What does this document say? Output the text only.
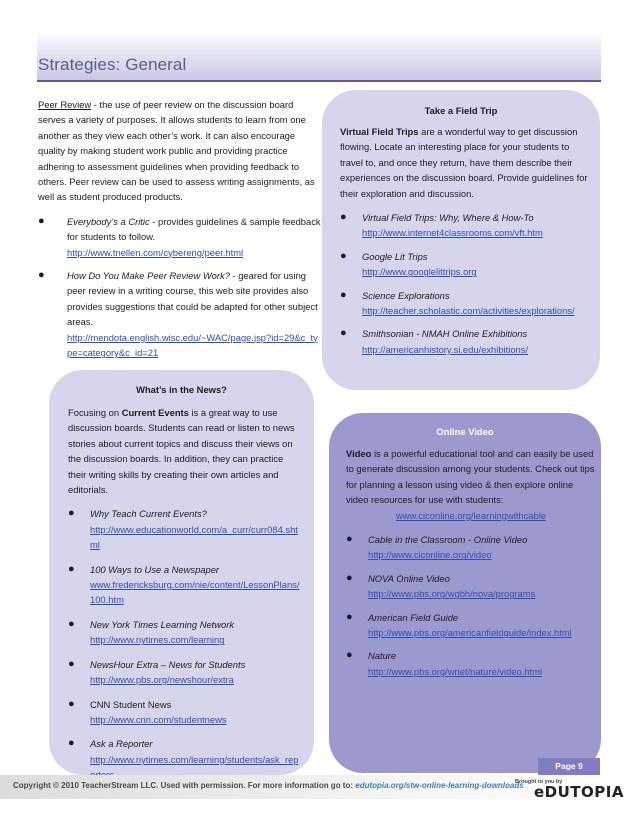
Strategies: General

Peer Review - the use of peer review on the discussion board serves a variety of purposes. It allows students to learn from one another as they view each other’s work. It can also encourage quality by making student work public and providing practice adhering to assessment guidelines when providing feedback to others. Peer review can be used to assess writing assignments, as well as student produced products.

● Everybody’s a Critic - provides guidelines & sample feedback for students to follow.
http://www.tnellen.com/cybereng/peer.html
● How Do You Make Peer Review Work? - geared for using peer review in a writing course, this web site provides also provides suggestions that could be adapted for other subject areas.
http://mendota.english.wisc.edu/~WAC/page.jsp?id=29&c_type=category&c_id=21
Take a Field Trip

Virtual Field Trips are a wonderful way to get discussion flowing. Locate an interesting place for your students to travel to, and once they return, have them describe their experiences on the discussion board. Provide guidelines for their exploration and discussion.

● Virtual Field Trips: Why, Where & How-To
http://www.internet4classrooms.com/vft.htm
● Google Lit Trips
http://www.googlelittrips.org
● Science Explorations
http://teacher.scholastic.com/activities/explorations/
● Smithsonian - NMAH Online Exhibitions
http://americanhistory.si.edu/exhibitions/
What’s in the News?

Focusing on Current Events is a great way to use discussion boards. Students can read or listen to news stories about current topics and discuss their views on the discussion boards. In addition, they can practice their writing skills by creating their own articles and editorials.

● Why Teach Current Events?
http://www.educationworld.com/a_curr/curr084.shtml
● 100 Ways to Use a Newspaper
www.fredericksburg.com/nie/content/LessonPlans/100.htm
● New York Times Learning Network
http://www.nytimes.com/learning
● NewsHour Extra – News for Students
http://www.pbs.org/newshour/extra
● CNN Student News
http://www.cnn.com/studentnews
● Ask a Reporter
http://www.nytimes.com/learning/students/ask_rep
Online Video

Video is a powerful educational tool and can easily be used to generate discussion among your students. Check out tips for planning a lesson using video & then explore online video resources for use with students:

www.ciconline.org/learningwithcable
● Cable in the Classroom - Online Video
http://www.ciconline.org/video
● NOVA Online Video
http://www.pbs.org/wgbh/nova/programs
● American Field Guide
http://www.pbs.org/americanfieldguide/index.html
● Nature
http://www.pbs.org/wnet/nature/video.html
Page 9
Copyright © 2010 TeacherStream LLC. Used with permission. For more information go to: edutopia.org/stw-online-learning-downloads
Brought to you by
eDUTOPIA
